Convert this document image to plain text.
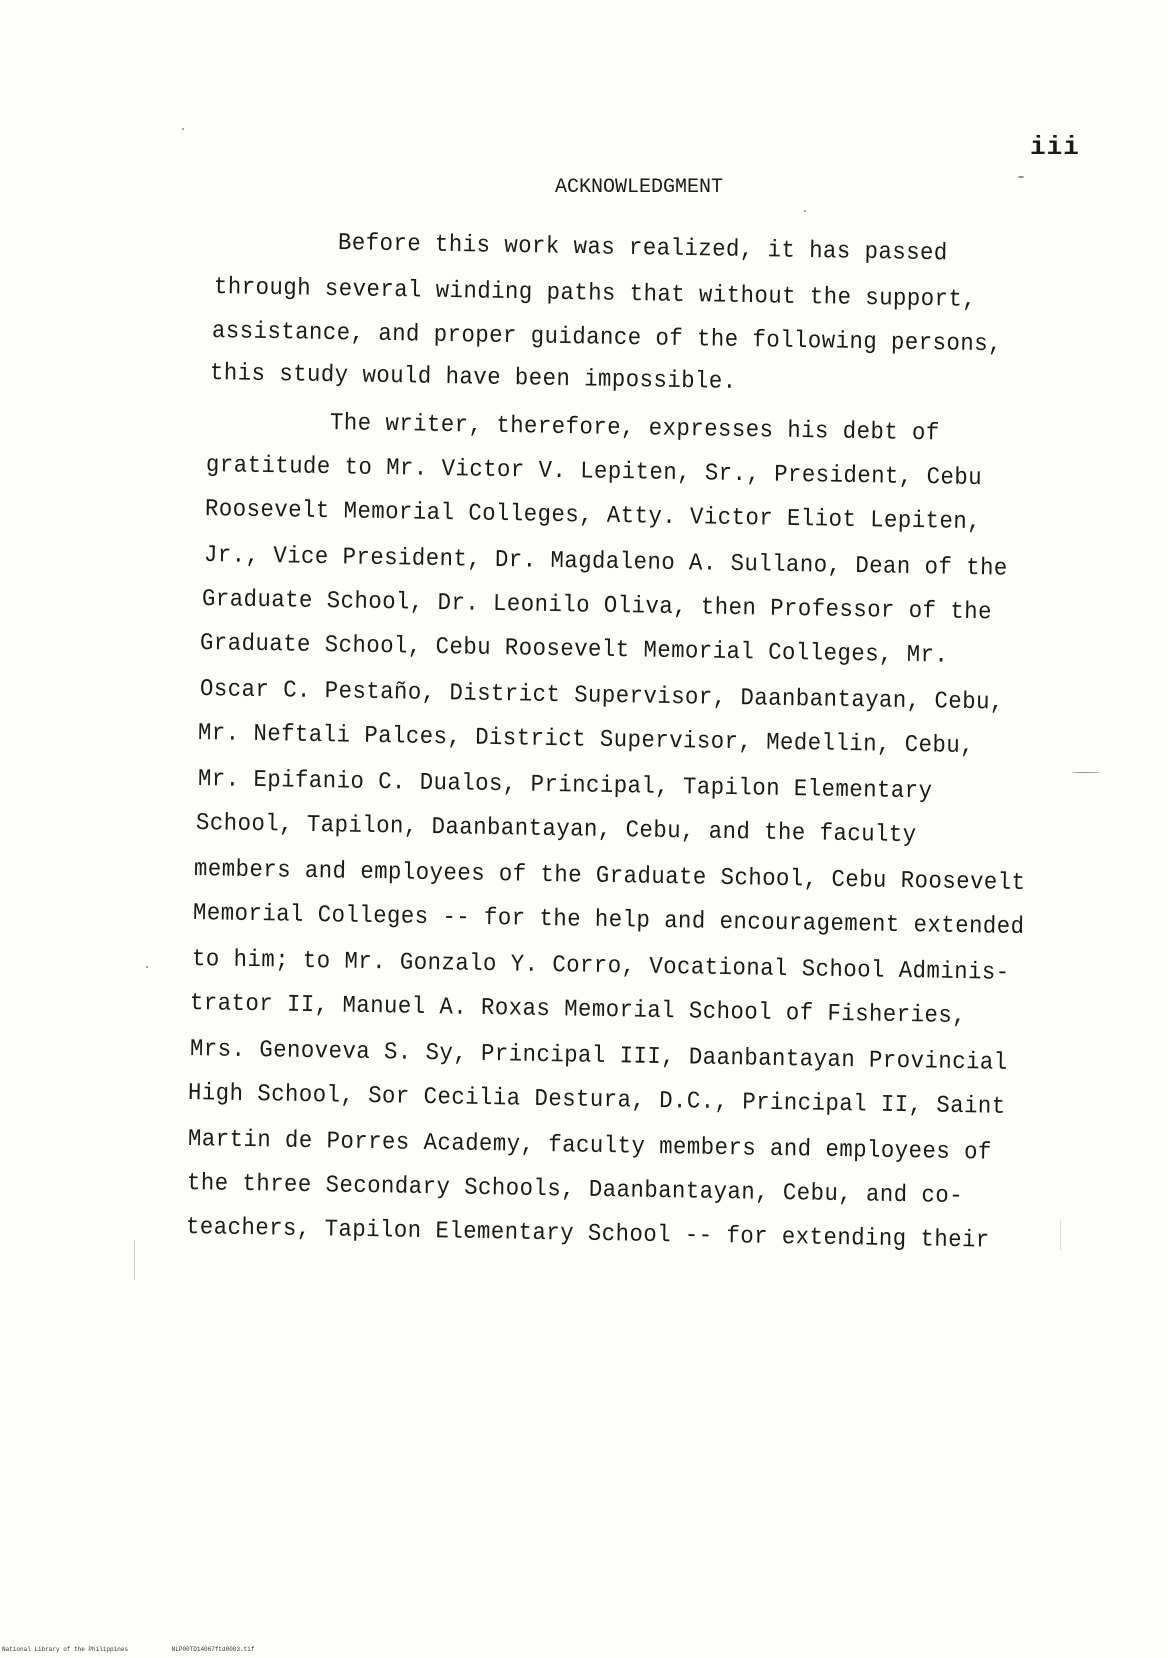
iii
ACKNOWLEDGMENT
Before this work was realized, it has passed
through several winding paths that without the support,
assistance, and proper guidance of the following persons,
this study would have been impossible.
The writer, therefore, expresses his debt of
gratitude to Mr. Victor V. Lepiten, Sr., President, Cebu
Roosevelt Memorial Colleges, Atty. Victor Eliot Lepiten,
Jr., Vice President, Dr. Magdaleno A. Sullano, Dean of the
Graduate School, Dr. Leonilo Oliva, then Professor of the
Graduate School, Cebu Roosevelt Memorial Colleges, Mr.
Oscar C. Pestaño, District Supervisor, Daanbantayan, Cebu,
Mr. Neftali Palces, District Supervisor, Medellin, Cebu,
Mr. Epifanio C. Dualos, Principal, Tapilon Elementary
School, Tapilon, Daanbantayan, Cebu, and the faculty
members and employees of the Graduate School, Cebu Roosevelt
Memorial Colleges -- for the help and encouragement extended
to him; to Mr. Gonzalo Y. Corro, Vocational School Adminis-
trator II, Manuel A. Roxas Memorial School of Fisheries,
Mrs. Genoveva S. Sy, Principal III, Daanbantayan Provincial
High School, Sor Cecilia Destura, D.C., Principal II, Saint
Martin de Porres Academy, faculty members and employees of
the three Secondary Schools, Daanbantayan, Cebu, and co-
teachers, Tapilon Elementary School -- for extending their
National Library of the Philippines	NLP00TD14067ftd0003.tif
